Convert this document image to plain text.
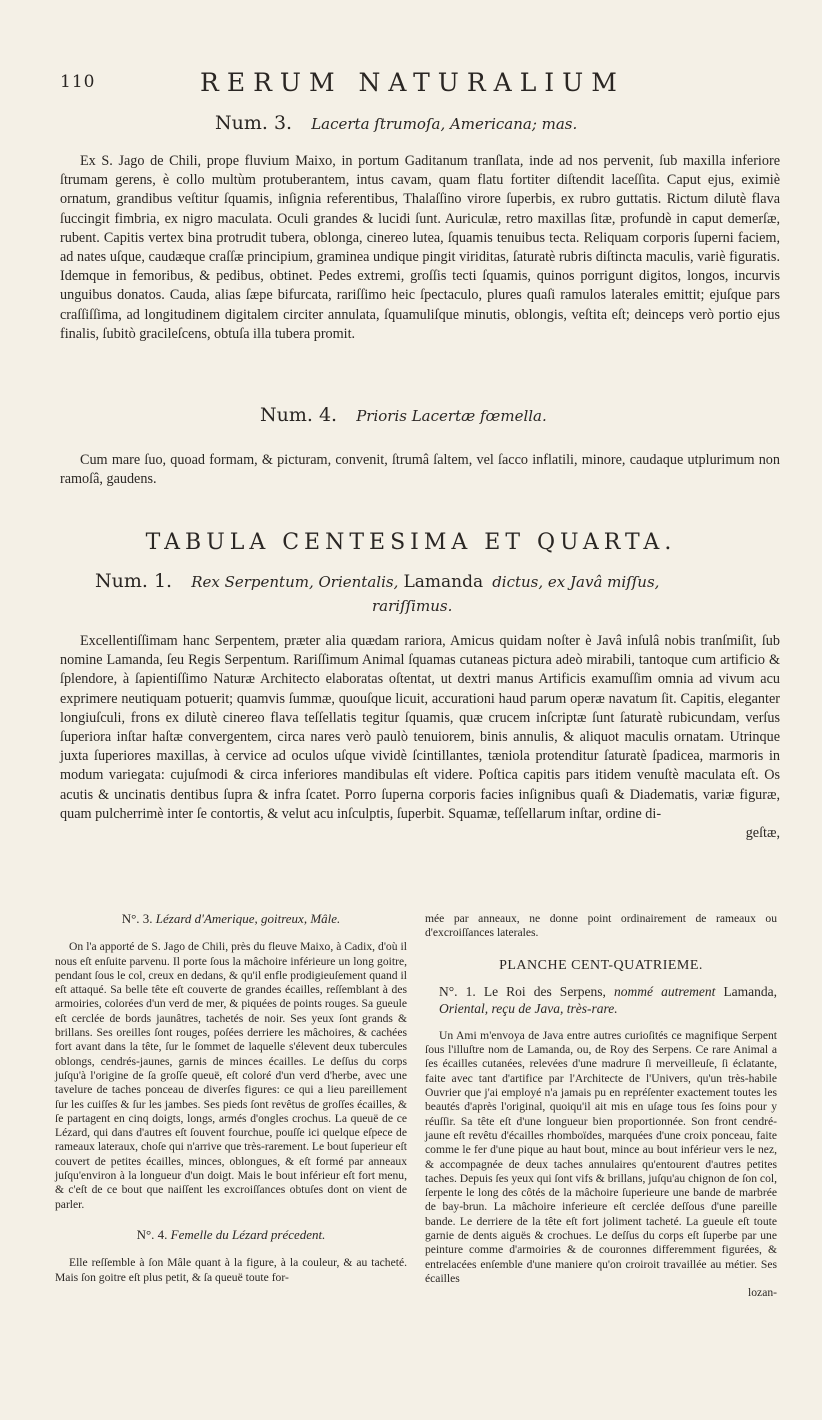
110	RERUM NATURALIUM
Num. 3. Lacerta ſtrumoſa, Americana; mas.

Ex S. Jago de Chili, prope fluvium Maixo, in portum Gaditanum tranſlata, inde ad nos pervenit, ſub maxilla inferiore ſtrumam gerens, è collo multùm protuberantem, intus cavam, quam flatu fortiter diſtendit laceſſita. Caput ejus, eximiè ornatum, grandibus veſtitur ſquamis, inſignia referentibus, Thalaſſino virore ſuperbis, ex rubro guttatis. Rictum dilutè flava ſuccingit fimbria, ex nigro maculata. Oculi grandes & lucidi ſunt. Auriculæ, retro maxillas ſitæ, profundè in caput demerſæ, rubent. Capitis vertex bina protrudit tubera, oblonga, cinereo lutea, ſquamis tenuibus tecta. Reliquam corporis ſuperni faciem, ad nates uſque, caudæque craſſæ principium, graminea undique pingit viriditas, ſaturatè rubris diſtincta maculis, variè figuratis. Idemque in femoribus, & pedibus, obtinet. Pedes extremi, groſſis tecti ſquamis, quinos porrigunt digitos, longos, incurvis unguibus donatos. Cauda, alias ſæpe bifurcata, rariſſimo heic ſpectaculo, plures quaſi ramulos laterales emittit; ejuſque pars craſſiſſima, ad longitudinem digitalem circiter annulata, ſquamuliſque minutis, oblongis, veſtita eſt; deinceps verò portio ejus finalis, ſubitò gracileſcens, obtuſa illa tubera promit.

Num. 4. Prioris Lacertæ fœmella.

Cum mare ſuo, quoad formam, & picturam, convenit, ſtrumâ ſaltem, vel ſacco inflatili, minore, caudaque utplurimum non ramoſâ, gaudens.

TABULA CENTESIMA ET QUARTA.
Num. 1. Rex Serpentum, Orientalis, Lamanda dictus, ex Javâ miſſus,
rariſſimus.

Excellentiſſimam hanc Serpentem, præter alia quædam rariora, Amicus quidam noſter è Javâ inſulâ nobis tranſmiſit, ſub nomine Lamanda, ſeu Regis Serpentum. Rariſſimum Animal ſquamas cutaneas pictura adeò mirabili, tantoque cum artificio & ſplendore, à ſapientiſſimo Naturæ Architecto elaboratas oſtentat, ut dextri manus Artificis examuſſim omnia ad vivum acu exprimere neutiquam potuerit; quamvis ſummæ, quouſque licuit, accurationi haud parum operæ navatum ſit. Capitis, eleganter longiuſculi, frons ex dilutè cinereo flava teſſellatis tegitur ſquamis, quæ crucem inſcriptæ ſunt ſaturatè rubicundam, verſus ſuperiora inſtar haſtæ convergentem, circa nares verò paulò tenuiorem, binis annulis, & aliquot maculis ornatam. Utrinque juxta ſuperiores maxillas, à cervice ad oculos uſque vividè ſcintillantes, tæniola protenditur ſaturatè ſpadicea, marmoris in modum variegata: cujuſmodi & circa inferiores mandibulas eſt videre. Poſtica capitis pars itidem venuſtè maculata eſt. Os acutis & uncinatis dentibus ſupra & infra ſcatet. Porro ſuperna corporis facies inſignibus quaſi & Diadematis, variæ figuræ, quam pulcherrimè inter ſe contortis, & velut acu inſculptis, ſuperbit. Squamæ, teſſellarum inſtar, ordine di-

geſtæ,

N°. 3. Lézard d'Amerique, goitreux, Mâle.

On l'a apporté de S. Jago de Chili, près du fleuve Maixo, à Cadix, d'où il nous eſt enſuite parvenu. Il porte ſous la mâchoire inférieure un long goitre, pendant ſous le col, creux en dedans, & qu'il enfle prodigieuſement quand il eſt attaqué. Sa belle tête eſt couverte de grandes écailles, reſſemblant à des armoiries, colorées d'un verd de mer, & piquées de points rouges. Sa gueule eſt cerclée de bords jaunâtres, tachetés de noir. Ses yeux ſont grands & brillans. Ses oreilles ſont rouges, poſées derriere les mâchoires, & cachées fort avant dans la tête, ſur le ſommet de laquelle s'élevent deux tubercules oblongs, cendrés-jaunes, garnis de minces écailles. Le deſſus du corps juſqu'à l'origine de ſa groſſe queuë, eſt coloré d'un verd d'herbe, avec une tavelure de taches ponceau de diverſes figures: ce qui a lieu pareillement ſur les cuiſſes & ſur les jambes. Ses pieds ſont revêtus de groſſes écailles, & ſe partagent en cinq doigts, longs, armés d'ongles crochus. La queuë de ce Lézard, qui dans d'autres eſt ſouvent fourchue, pouſſe ici quelque eſpece de rameaux lateraux, choſe qui n'arrive que très-rarement. Le bout ſuperieur eſt couvert de petites écailles, minces, oblongues, & eſt formé par anneaux juſqu'environ à la longueur d'un doigt. Mais le bout inférieur eſt fort menu, & c'eſt de ce bout que naiſſent les excroiſſances obtuſes dont on vient de parler.

N°. 4. Femelle du Lézard précedent.

Elle reſſemble à ſon Mâle quant à la figure, à la couleur, & au tacheté. Mais ſon goitre eſt plus petit, & ſa queuë toute for-

mée par anneaux, ne donne point ordinairement de rameaux ou d'excroiſſances laterales.

PLANCHE CENT-QUATRIEME.

N°. 1. Le Roi des Serpens, nommé autrement Lamanda, Oriental, reçu de Java, très-rare.

Un Ami m'envoya de Java entre autres curioſités ce magnifique Serpent ſous l'illuſtre nom de Lamanda, ou, de Roy des Serpens. Ce rare Animal a ſes écailles cutanées, relevées d'une madrure ſi merveilleuſe, ſi éclatante, faite avec tant d'artifice par l'Architecte de l'Univers, qu'un très-habile Ouvrier que j'ai employé n'a jamais pu en repréſenter exactement toutes les beautés d'après l'original, quoiqu'il ait mis en uſage tous ſes ſoins pour y réuſſir. Sa tête eſt d'une longueur bien proportionnée. Son front cendré-jaune eſt revêtu d'écailles rhomboïdes, marquées d'une croix ponceau, faite comme le fer d'une pique au haut bout, mince au bout inférieur vers le nez, & accompagnée de deux taches annulaires qu'entourent d'autres petites taches. Depuis ſes yeux qui ſont vifs & brillans, juſqu'au chignon de ſon col, ſerpente le long des côtés de la mâchoire ſuperieure une bande de marbrée de bay-brun. La mâchoire inferieure eſt cerclée deſſous d'une pareille bande. Le derriere de la tête eſt fort joliment tacheté. La gueule eſt toute garnie de dents aiguës & crochues. Le deſſus du corps eſt ſuperbe par une peinture comme d'armoiries & de couronnes differemment figurées, & entrelacées enſemble d'une maniere qu'on croiroit travaillée au métier. Ses écailles

lozan-
